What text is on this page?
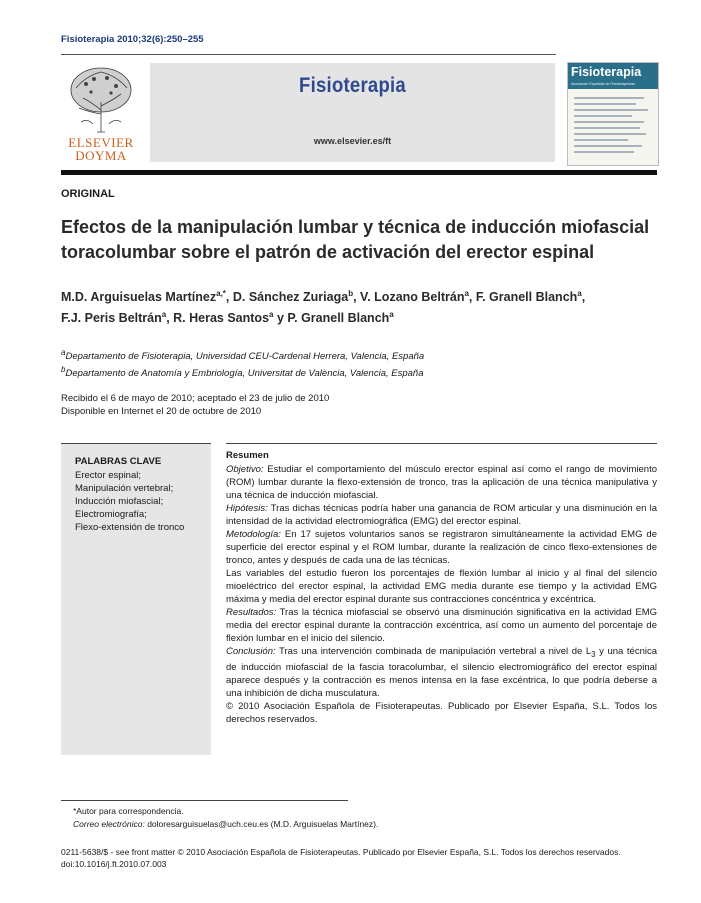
Fisioterapia 2010;32(6):250–255
ELSEVIER
DOYMA
Fisioterapia
www.elsevier.es/ft
Fisioterapia
Asociación Española de Fisioterapeutas
ORIGINAL
Efectos de la manipulación lumbar y técnica de inducción miofascial toracolumbar sobre el patrón de activación del erector espinal
M.D. Arguisuelas Martínez$^{a,*}$, D. Sánchez Zuriaga$^b$, V. Lozano Beltrán$^a$, F. Granell Blanch$^a$,
F.J. Peris Beltrán$^a$, R. Heras Santos$^a$ y P. Granell Blanch$^a$
$^a$Departamento de Fisioterapia, Universidad CEU-Cardenal Herrera, Valencia, España
$^b$Departamento de Anatomía y Embriología, Universitat de València, Valencia, España
Recibido el 6 de mayo de 2010; aceptado el 23 de julio de 2010
Disponible en Internet el 20 de octubre de 2010
PALABRAS CLAVE
Erector espinal;
Manipulación vertebral;
Inducción miofascial;
Electromiografía;
Flexo-extensión de tronco
Resumen

Objetivo: Estudiar el comportamiento del músculo erector espinal así como el rango de movimiento (ROM) lumbar durante la flexo-extensión de tronco, tras la aplicación de una técnica manipulativa y una técnica de inducción miofascial.

Hipótesis: Tras dichas técnicas podría haber una ganancia de ROM articular y una disminución en la intensidad de la actividad electromiográfica (EMG) del erector espinal.

Metodología: En 17 sujetos voluntarios sanos se registraron simultáneamente la actividad EMG de superficie del erector espinal y el ROM lumbar, durante la realización de cinco flexo-extensiones de tronco, antes y después de cada una de las técnicas.

Las variables del estudio fueron los porcentajes de flexión lumbar al inicio y al final del silencio mioeléctrico del erector espinal, la actividad EMG media durante ese tiempo y la actividad EMG máxima y media del erector espinal durante sus contracciones concéntrica y excéntrica.

Resultados: Tras la técnica miofascial se observó una disminución significativa en la actividad EMG media del erector espinal durante la contracción excéntrica, así como un aumento del porcentaje de flexión lumbar en el inicio del silencio.

Conclusión: Tras una intervención combinada de manipulación vertebral a nivel de $L_3$ y una técnica de inducción miofascial de la fascia toracolumbar, el silencio electromiográfico del erector espinal aparece después y la contracción es menos intensa en la fase excéntrica, lo que podría deberse a una inhibición de dicha musculatura.

© 2010 Asociación Española de Fisioterapeutas. Publicado por Elsevier España, S.L. Todos los derechos reservados.

*Autor para correspondencia.
Correo electrónico: doloresarguisuelas@uch.ceu.es (M.D. Arguisuelas Martínez).
0211-5638/$ - see front matter © 2010 Asociación Española de Fisioterapeutas. Publicado por Elsevier España, S.L. Todos los derechos reservados.
doi:10.1016/j.ft.2010.07.003
